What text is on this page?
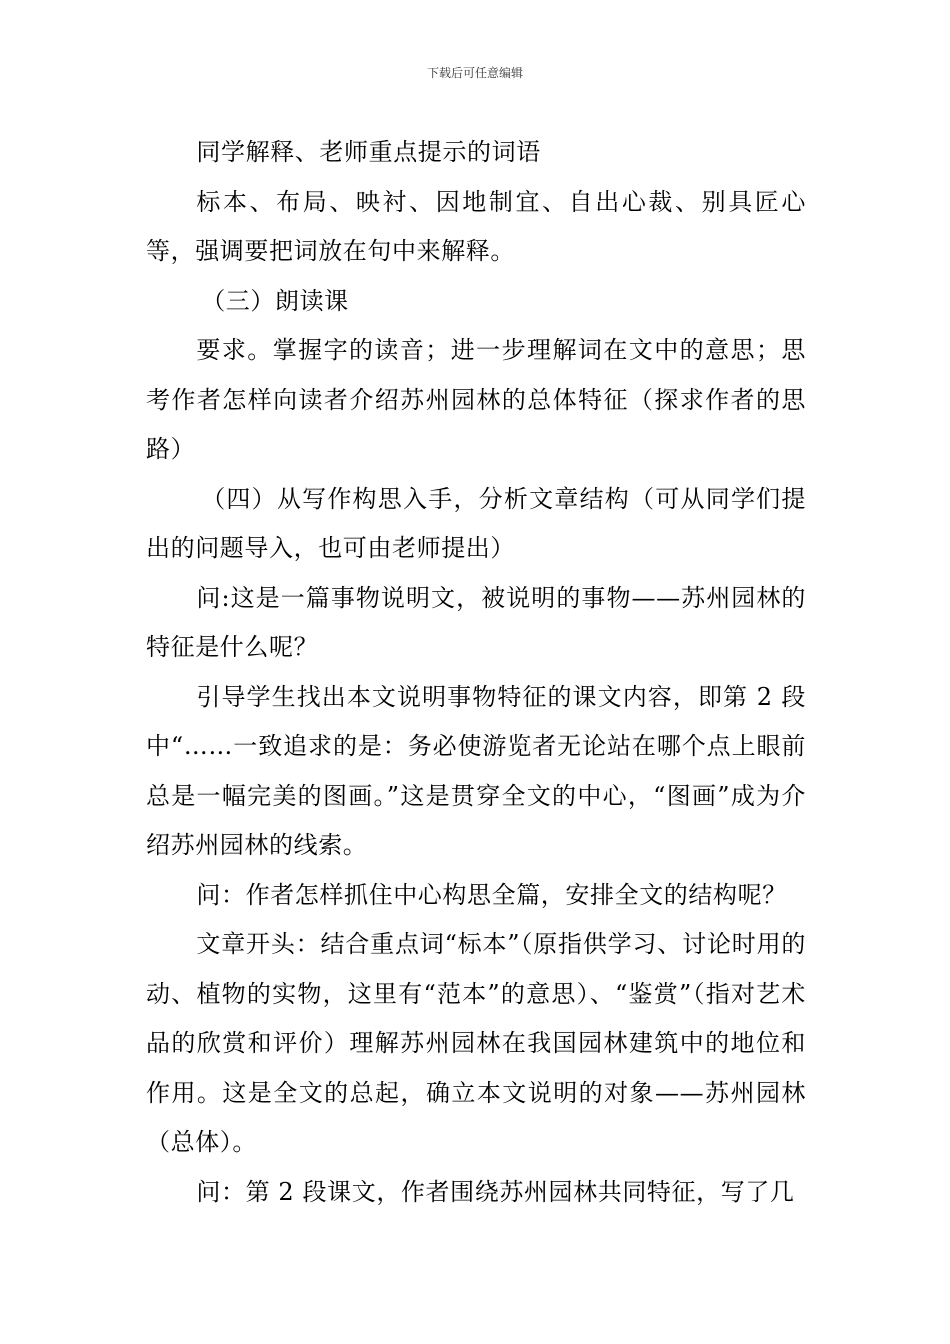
下载后可任意编辑

同学解释、老师重点提示的词语

标本、布局、映衬、因地制宜、自出心裁、别具匠心等，强调要把词放在句中来解释。

（三）朗读课

要求。掌握字的读音；进一步理解词在文中的意思；思考作者怎样向读者介绍苏州园林的总体特征（探求作者的思路）

（四）从写作构思入手，分析文章结构（可从同学们提出的问题导入，也可由老师提出）

问:这是一篇事物说明文，被说明的事物——苏州园林的特征是什么呢？

引导学生找出本文说明事物特征的课文内容，即第 2 段中“……一致追求的是：务必使游览者无论站在哪个点上眼前总是一幅完美的图画。”这是贯穿全文的中心，“图画”成为介绍苏州园林的线索。

问：作者怎样抓住中心构思全篇，安排全文的结构呢？

文章开头：结合重点词“标本”（原指供学习、讨论时用的动、植物的实物，这里有“范本”的意思）、“鉴赏”（指对艺术品的欣赏和评价）理解苏州园林在我国园林建筑中的地位和作用。这是全文的总起，确立本文说明的对象——苏州园林（总体）。

问：第 2 段课文，作者围绕苏州园林共同特征，写了几
